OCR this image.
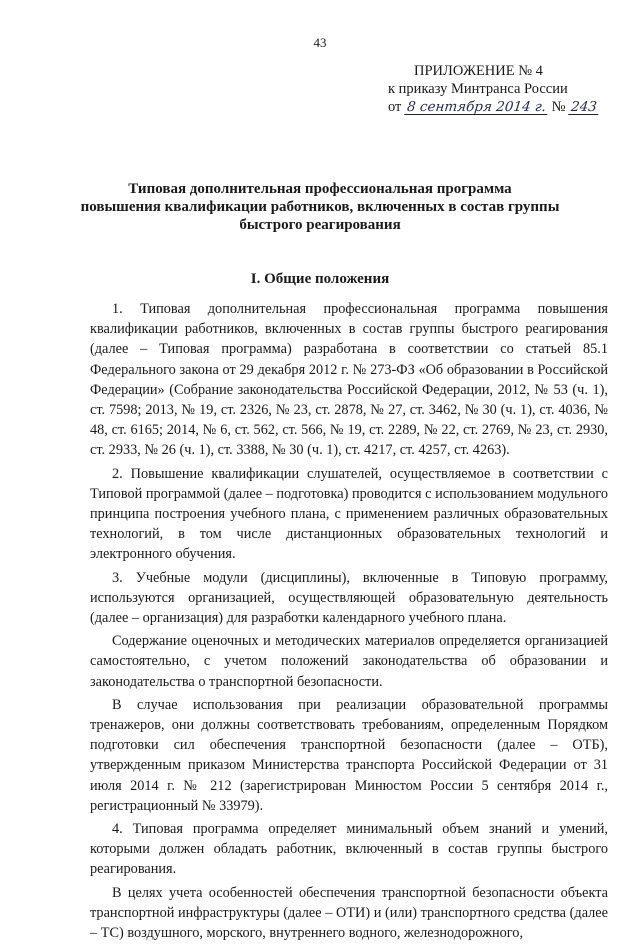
43
ПРИЛОЖЕНИЕ № 4
к приказу Минтранса России
от 8 сентября 2014 г. № 243
Типовая дополнительная профессиональная программа
повышения квалификации работников, включенных в состав группы
быстрого реагирования
I. Общие положения

1. Типовая дополнительная профессиональная программа повышения квалификации работников, включенных в состав группы быстрого реагирования (далее – Типовая программа) разработана в соответствии со статьей 85.1 Федерального закона от 29 декабря 2012 г. № 273-ФЗ «Об образовании в Российской Федерации» (Собрание законодательства Российской Федерации, 2012, № 53 (ч. 1), ст. 7598; 2013, № 19, ст. 2326, № 23, ст. 2878, № 27, ст. 3462, № 30 (ч. 1), ст. 4036, № 48, ст. 6165; 2014, № 6, ст. 562, ст. 566, № 19, ст. 2289, № 22, ст. 2769, № 23, ст. 2930, ст. 2933, № 26 (ч. 1), ст. 3388, № 30 (ч. 1), ст. 4217, ст. 4257, ст. 4263).

2. Повышение квалификации слушателей, осуществляемое в соответствии с Типовой программой (далее – подготовка) проводится с использованием модульного принципа построения учебного плана, с применением различных образовательных технологий, в том числе дистанционных образовательных технологий и электронного обучения.

3. Учебные модули (дисциплины), включенные в Типовую программу, используются организацией, осуществляющей образовательную деятельность (далее – организация) для разработки календарного учебного плана.

Содержание оценочных и методических материалов определяется организацией самостоятельно, с учетом положений законодательства об образовании и законодательства о транспортной безопасности.

В случае использования при реализации образовательной программы тренажеров, они должны соответствовать требованиям, определенным Порядком подготовки сил обеспечения транспортной безопасности (далее – ОТБ), утвержденным приказом Министерства транспорта Российской Федерации от 31 июля 2014 г. № 212 (зарегистрирован Минюстом России 5 сентября 2014 г., регистрационный № 33979).

4. Типовая программа определяет минимальный объем знаний и умений, которыми должен обладать работник, включенный в состав группы быстрого реагирования.

В целях учета особенностей обеспечения транспортной безопасности объекта транспортной инфраструктуры (далее – ОТИ) и (или) транспортного средства (далее – ТС) воздушного, морского, внутреннего водного, железнодорожного,
